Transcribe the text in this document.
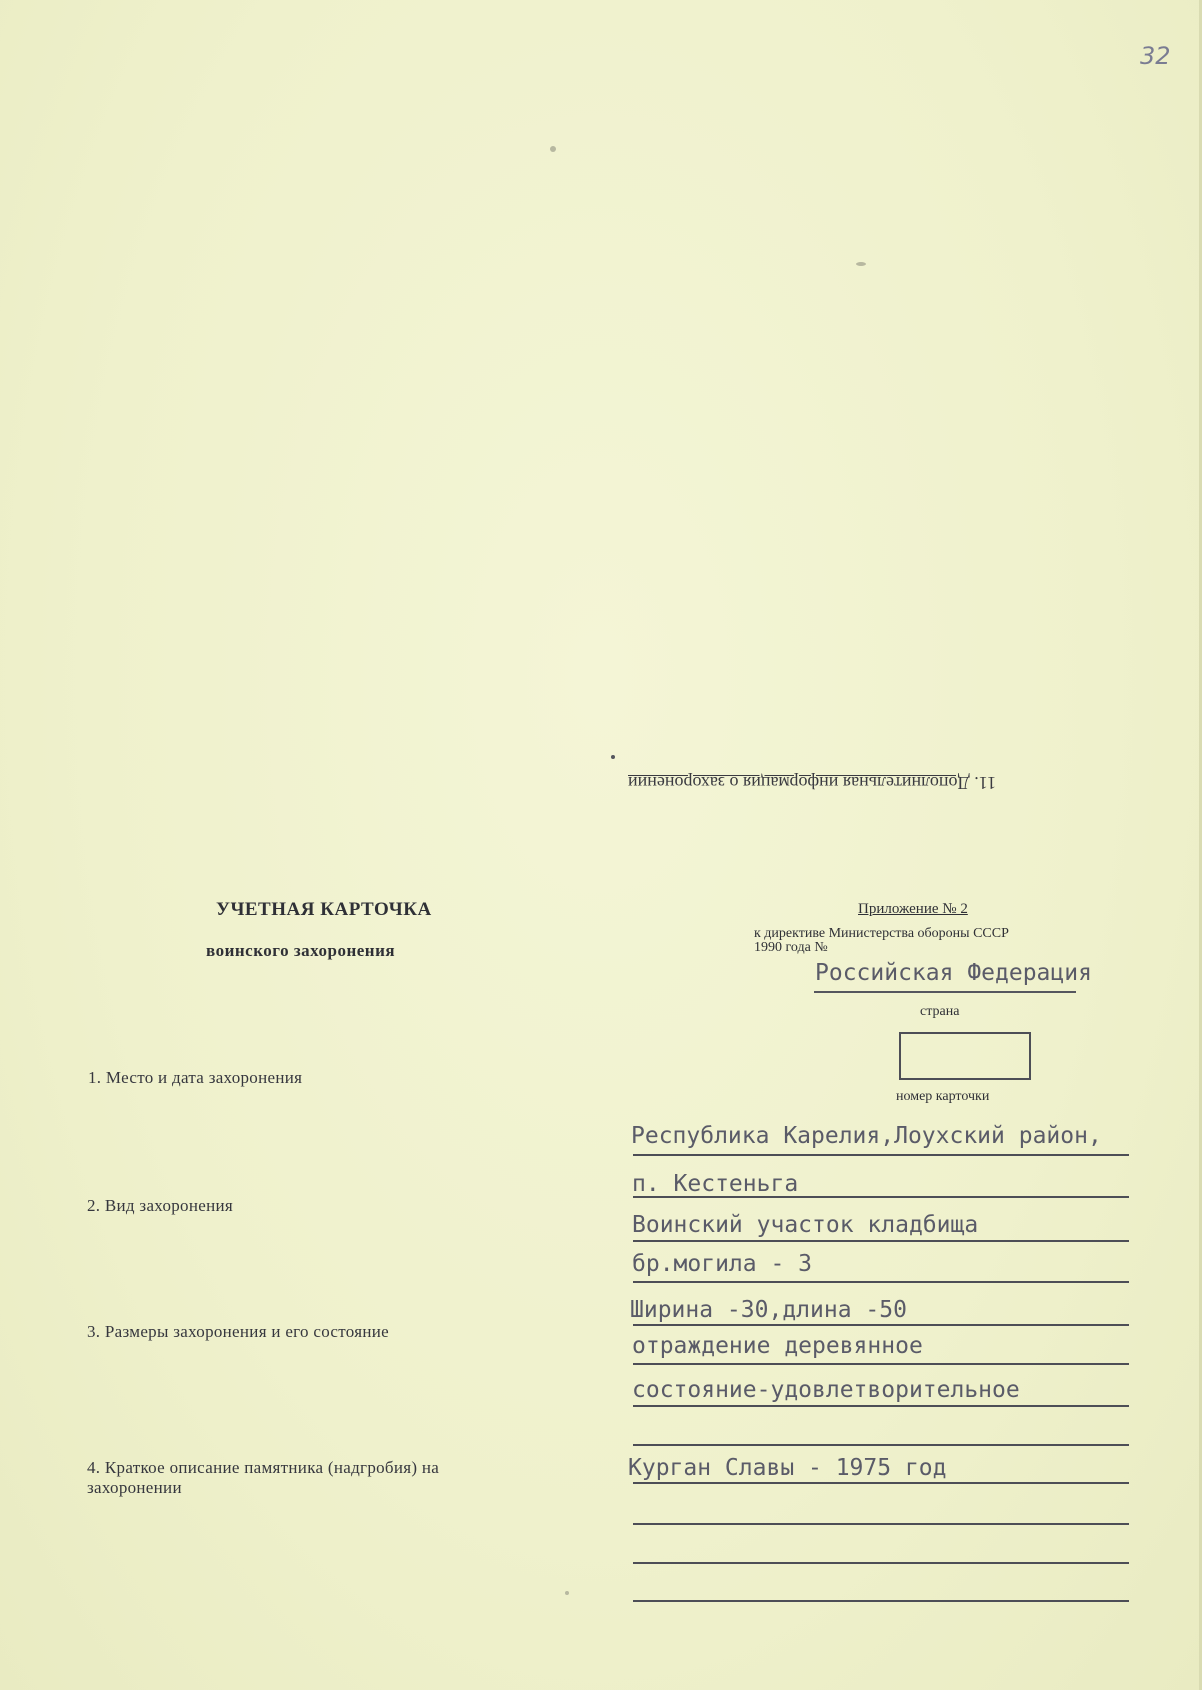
32
11. Дополнительная информация о захоронении
УЧЕТНАЯ КАРТОЧКА
воинского захоронения
Приложение № 2
к директиве Министерства обороны СССР
1990 года №
Российская Федерация
страна
номер карточки
1. Место и дата захоронения
2. Вид захоронения
3. Размеры захоронения и его состояние
4. Краткое описание памятника (надгробия) на
захоронении
Республика Карелия,Лоухский район,
п. Кестеньга
Воинский участок кладбища
бр.могила - 3
Ширина -30,длина -50
отраждение деревянное
состояние-удовлетворительное
Курган Славы - 1975 год
